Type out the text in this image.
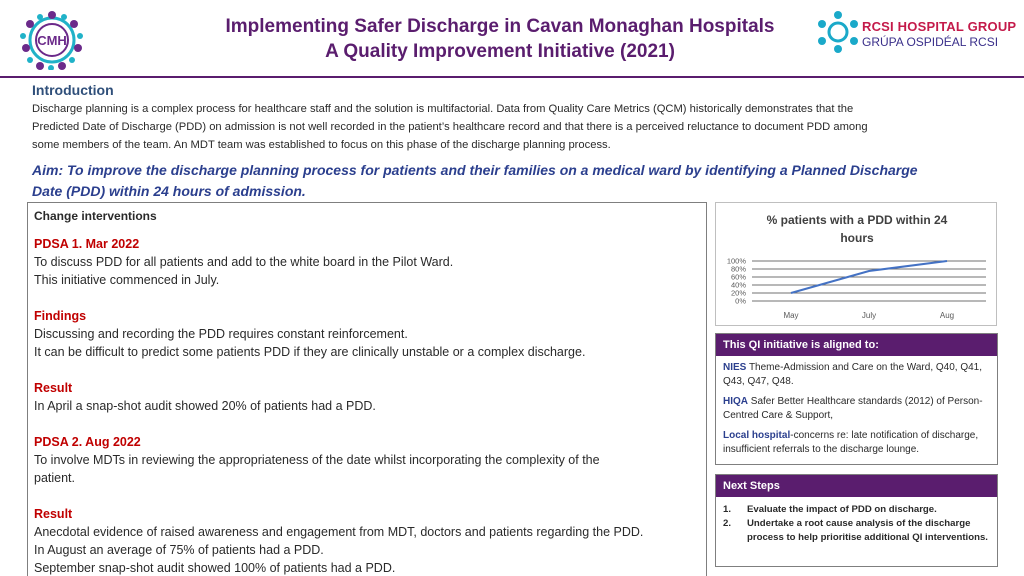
CMH
Implementing Safer Discharge in Cavan Monaghan Hospitals
A Quality Improvement Initiative (2021)
RCSI HOSPITAL GROUP
GRÚPA OSPIDÉAL RCSI
Introduction

Discharge planning is a complex process for healthcare staff and the solution is multifactorial. Data from Quality Care Metrics (QCM) historically demonstrates that the

Predicted Date of Discharge (PDD) on admission is not well recorded in the patient’s healthcare record and that there is a perceived reluctance to document PDD among

some members of the team. An MDT team was established to focus on this phase of the discharge planning process.

Aim: To improve the discharge planning process for patients and their families on a medical ward by identifying a Planned Discharge
Date (PDD) within 24 hours of admission.
Change interventions
PDSA 1. Mar 2022
To discuss PDD for all patients and add to the white board in the Pilot Ward.
This initiative commenced in July.
Findings
Discussing and recording the PDD requires constant reinforcement.
It can be difficult to predict some patients PDD if they are clinically unstable or a complex discharge.
Result
In April a snap-shot audit showed 20% of patients had a PDD.
PDSA 2. Aug 2022
To involve MDTs in reviewing the appropriateness of the date whilst incorporating the complexity of the
patient.
Result
Anecdotal evidence of raised awareness and engagement from MDT, doctors and patients regarding the PDD.
In August an average of 75% of patients had a PDD.
September snap-shot audit showed 100% of patients had a PDD.
% patients with a PDD within 24
hours
0%
20%
40%
60%
80%
100%
May	July	Aug
This QI initiative is aligned to:
NIES Theme-Admission and Care on the Ward, Q40, Q41, Q43, Q47, Q48.
HIQA Safer Better Healthcare standards (2012) of Person-Centred Care & Support,
Local hospital-concerns re: late notification of discharge, insufficient referrals to the discharge lounge.
Next Steps
1.	Evaluate the impact of PDD on discharge.
2.	Undertake a root cause analysis of the discharge process to help prioritise additional QI interventions.
